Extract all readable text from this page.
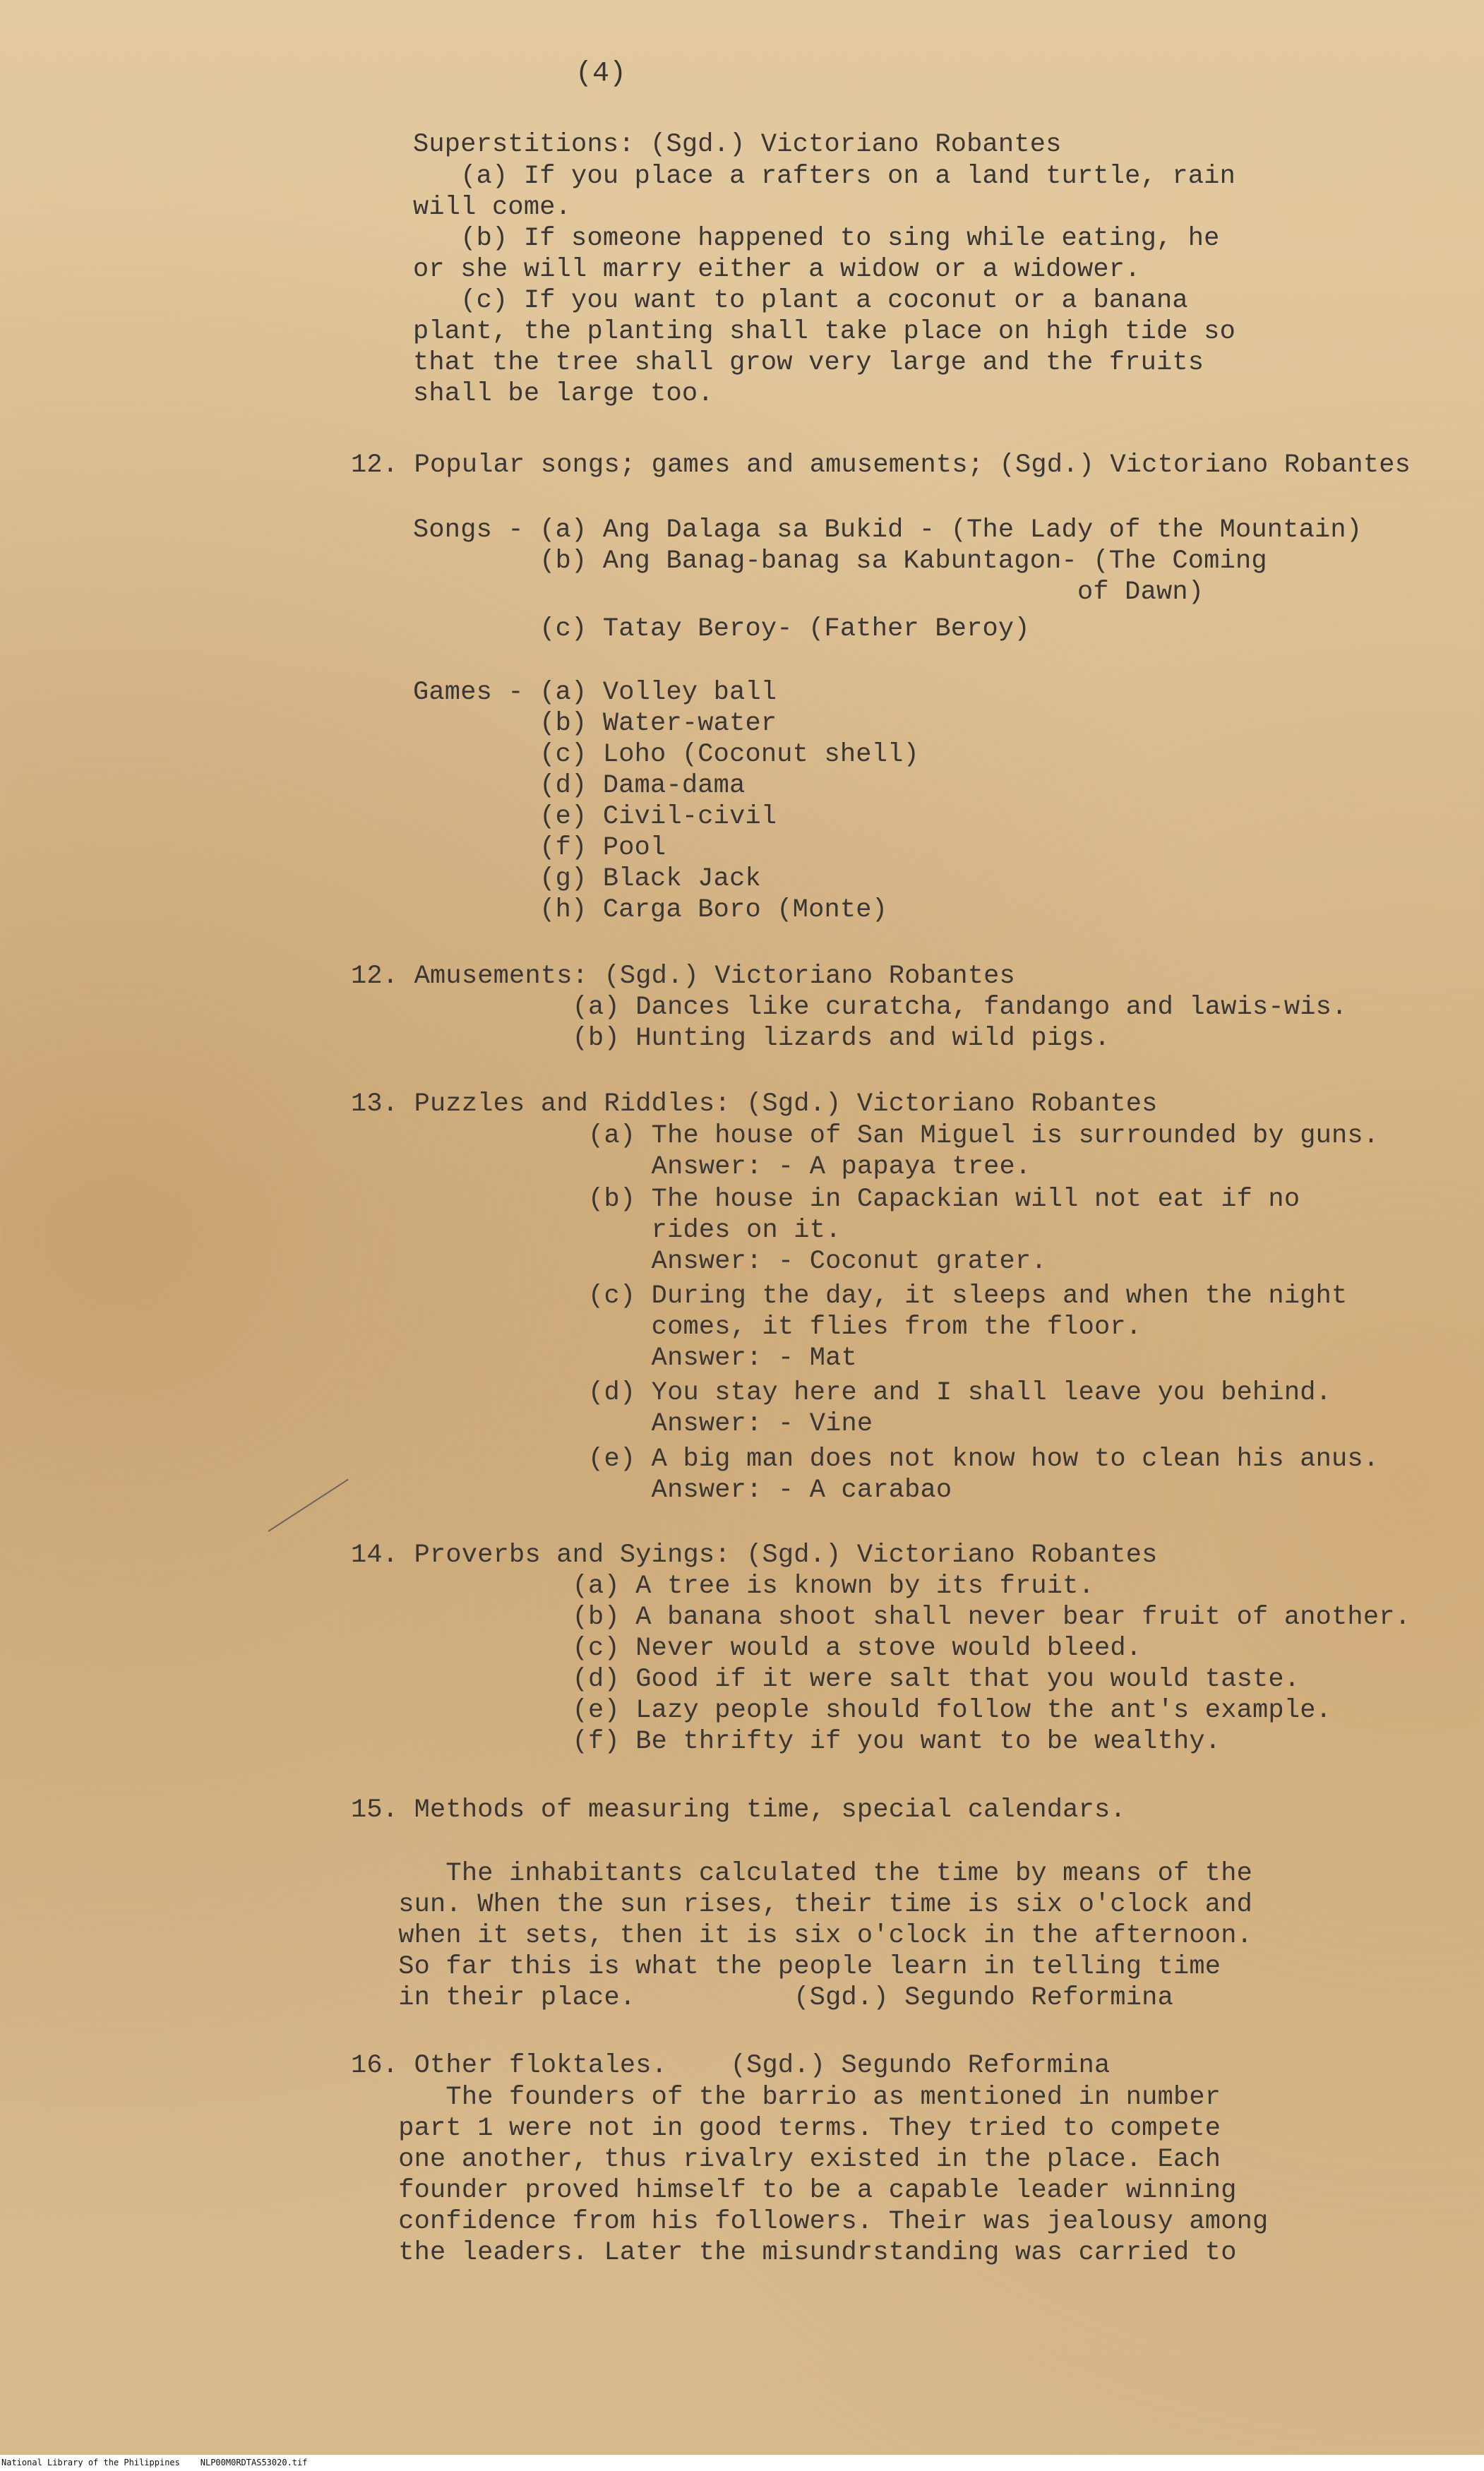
(4)
Superstitions: (Sgd.) Victoriano Robantes
(a) If you place a rafters on a land turtle, rain
will come.
(b) If someone happened to sing while eating, he
or she will marry either a widow or a widower.
(c) If you want to plant a coconut or a banana
plant, the planting shall take place on high tide so
that the tree shall grow very large and the fruits
shall be large too.
12. Popular songs; games and amusements; (Sgd.) Victoriano Robantes
Songs - (a) Ang Dalaga sa Bukid - (The Lady of the Mountain)
(b) Ang Banag-banag sa Kabuntagon- (The Coming
of Dawn)
(c) Tatay Beroy- (Father Beroy)
Games - (a) Volley ball
(b) Water-water
(c) Loho (Coconut shell)
(d) Dama-dama
(e) Civil-civil
(f) Pool
(g) Black Jack
(h) Carga Boro (Monte)
12. Amusements: (Sgd.) Victoriano Robantes
(a) Dances like curatcha, fandango and lawis-wis.
(b) Hunting lizards and wild pigs.
13. Puzzles and Riddles: (Sgd.) Victoriano Robantes
(a) The house of San Miguel is surrounded by guns.
Answer: - A papaya tree.
(b) The house in Capackian will not eat if no
rides on it.
Answer: - Coconut grater.
(c) During the day, it sleeps and when the night
comes, it flies from the floor.
Answer: - Mat
(d) You stay here and I shall leave you behind.
Answer: - Vine
(e) A big man does not know how to clean his anus.
Answer: - A carabao
14. Proverbs and Syings: (Sgd.) Victoriano Robantes
(a) A tree is known by its fruit.
(b) A banana shoot shall never bear fruit of another.
(c) Never would a stove would bleed.
(d) Good if it were salt that you would taste.
(e) Lazy people should follow the ant's example.
(f) Be thrifty if you want to be wealthy.
15. Methods of measuring time, special calendars.
The inhabitants calculated the time by means of the
sun. When the sun rises, their time is six o'clock and
when it sets, then it is six o'clock in the afternoon.
So far this is what the people learn in telling time
in their place.          (Sgd.) Segundo Reformina
16. Other floktales.    (Sgd.) Segundo Reformina
The founders of the barrio as mentioned in number
part 1 were not in good terms. They tried to compete
one another, thus rivalry existed in the place. Each
founder proved himself to be a capable leader winning
confidence from his followers. Their was jealousy among
the leaders. Later the misundrstanding was carried to
National Library of the Philippines    NLP00M0RDTAS53020.tif
